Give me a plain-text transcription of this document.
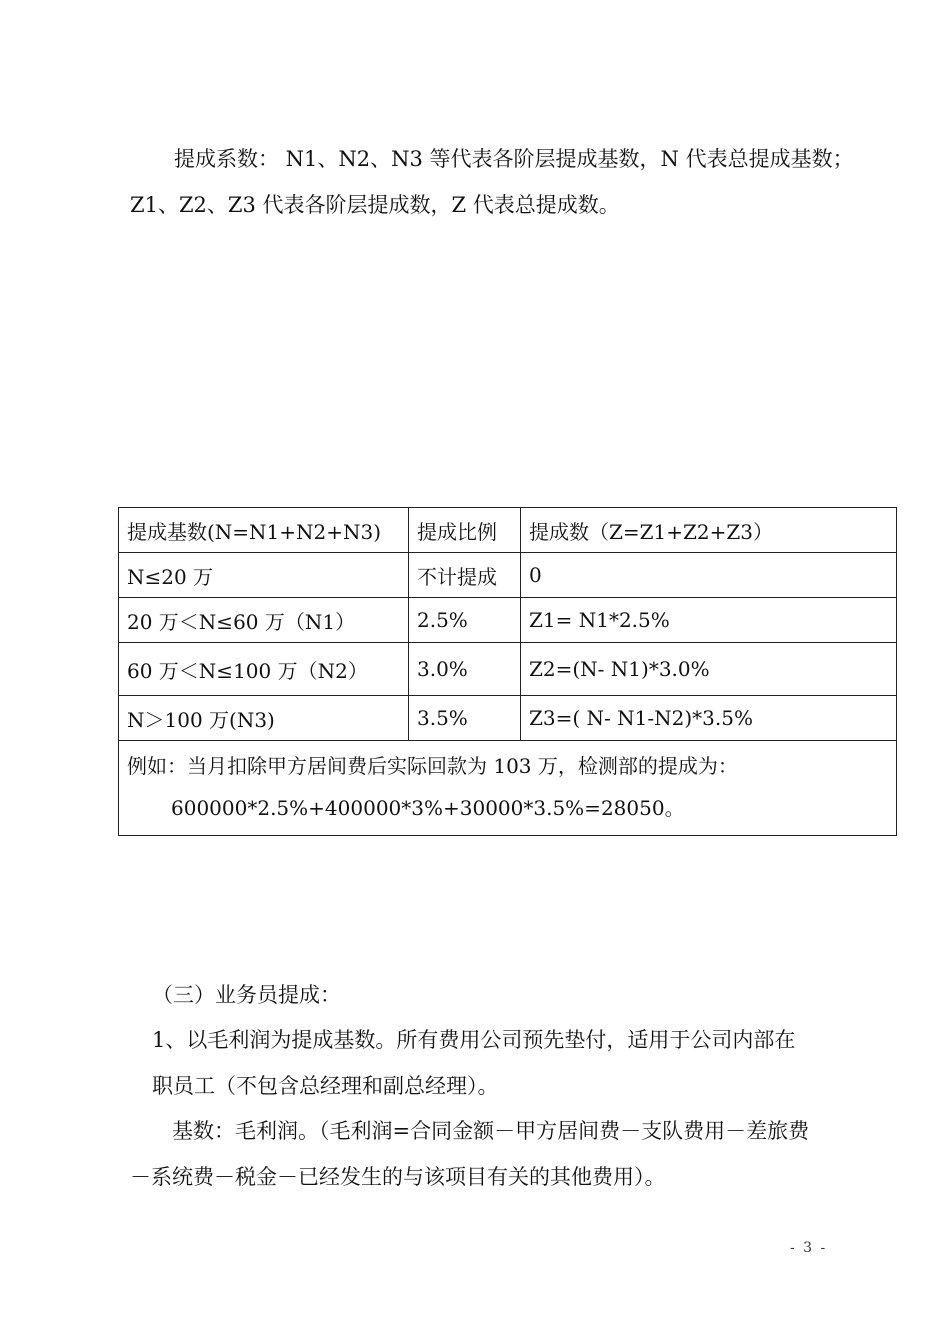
提成系数： N1、N2、N3 等代表各阶层提成基数，N 代表总提成基数；
Z1、Z2、Z3 代表各阶层提成数，Z 代表总提成数。
提成基数(N=N1+N2+N3)	提成比例	提成数（Z=Z1+Z2+Z3）
N≤20 万	不计提成	0
20 万＜N≤60 万（N1）	2.5%	Z1= N1*2.5%
60 万＜N≤100 万（N2）	3.0%	Z2=(N- N1)*3.0%
N＞100 万(N3)	3.5%	Z3=( N- N1-N2)*3.5%

例如：当月扣除甲方居间费后实际回款为 103 万，检测部的提成为：
600000*2.5%+400000*3%+30000*3.5%=28050。		
（三）业务员提成：
1、以毛利润为提成基数。所有费用公司预先垫付，适用于公司内部在
职员工（不包含总经理和副总经理）。
基数：毛利润。（毛利润=合同金额－甲方居间费－支队费用－差旅费
－系统费－税金－已经发生的与该项目有关的其他费用）。
- 3 -
